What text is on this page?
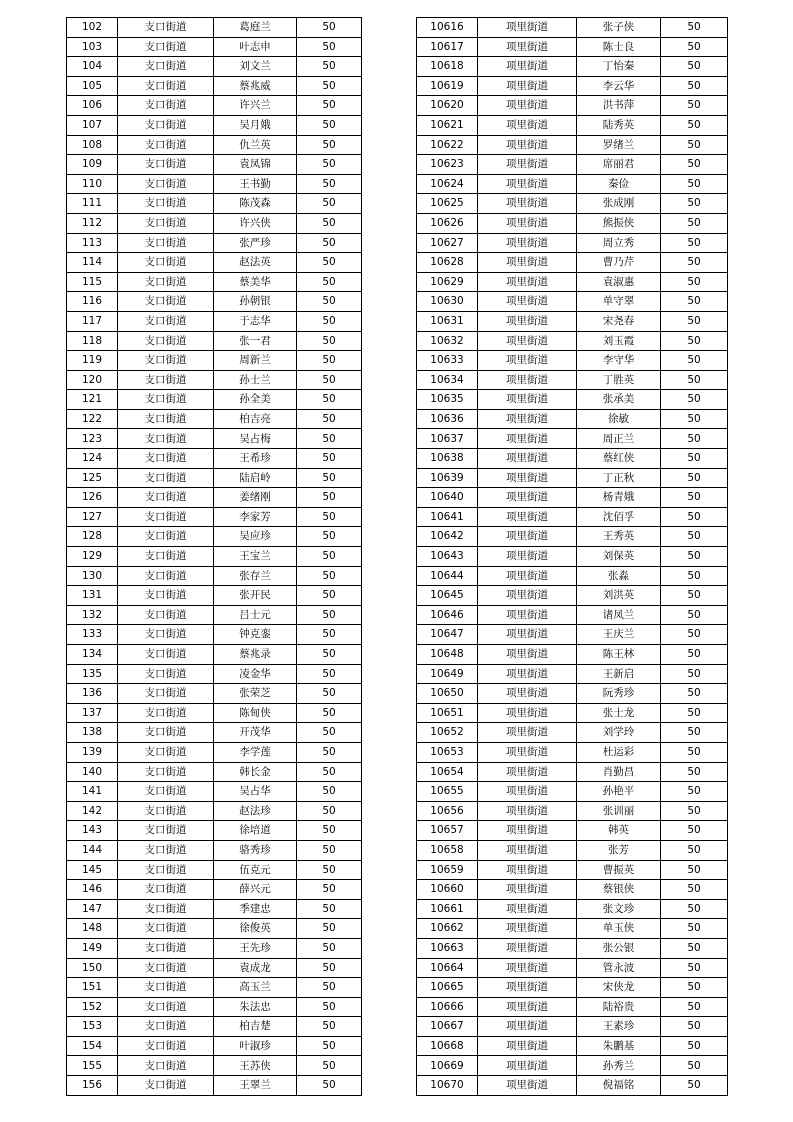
102	支口街道	葛庭兰	50
103	支口街道	叶志申	50
104	支口街道	刘文兰	50
105	支口街道	蔡兆威	50
106	支口街道	许兴兰	50
107	支口街道	吴月娥	50
108	支口街道	仇兰英	50
109	支口街道	袁凤锦	50
110	支口街道	王书勤	50
111	支口街道	陈茂森	50
112	支口街道	许兴侠	50
113	支口街道	张严珍	50
114	支口街道	赵法英	50
115	支口街道	蔡美华	50
116	支口街道	孙朝银	50
117	支口街道	于志华	50
118	支口街道	张一君	50
119	支口街道	周新兰	50
120	支口街道	孙士兰	50
121	支口街道	孙全美	50
122	支口街道	柏吉亮	50
123	支口街道	吴占梅	50
124	支口街道	王希珍	50
125	支口街道	陆启岭	50
126	支口街道	姜绪刚	50
127	支口街道	李家芳	50
128	支口街道	吴应珍	50
129	支口街道	王宝兰	50
130	支口街道	张存兰	50
131	支口街道	张开民	50
132	支口街道	吕士元	50
133	支口街道	钟克銮	50
134	支口街道	蔡兆录	50
135	支口街道	凌金华	50
136	支口街道	张荣芝	50
137	支口街道	陈甸侠	50
138	支口街道	开茂华	50
139	支口街道	李学莲	50
140	支口街道	韩长金	50
141	支口街道	吴占华	50
142	支口街道	赵法珍	50
143	支口街道	徐培道	50
144	支口街道	骆秀珍	50
145	支口街道	伍克元	50
146	支口街道	薛兴元	50
147	支口街道	季建忠	50
148	支口街道	徐俊英	50
149	支口街道	王先珍	50
150	支口街道	袁成龙	50
151	支口街道	高玉兰	50
152	支口街道	朱法忠	50
153	支口街道	柏吉楚	50
154	支口街道	叶淑珍	50
155	支口街道	王苏侠	50
156	支口街道	王翠兰	50
10616	项里街道	张子侠	50
10617	项里街道	陈士良	50
10618	项里街道	丁怡秦	50
10619	项里街道	李云华	50
10620	项里街道	洪书萍	50
10621	项里街道	陆秀英	50
10622	项里街道	罗绪兰	50
10623	项里街道	席丽君	50
10624	项里街道	秦俭	50
10625	项里街道	张成刚	50
10626	项里街道	熊振侠	50
10627	项里街道	周立秀	50
10628	项里街道	曹乃芹	50
10629	项里街道	袁淑惠	50
10630	项里街道	单守翠	50
10631	项里街道	宋尧春	50
10632	项里街道	刘玉霞	50
10633	项里街道	李守华	50
10634	项里街道	丁胜英	50
10635	项里街道	张承美	50
10636	项里街道	徐敏	50
10637	项里街道	周正兰	50
10638	项里街道	蔡红侠	50
10639	项里街道	丁正秋	50
10640	项里街道	杨青娥	50
10641	项里街道	沈佰孚	50
10642	项里街道	王秀英	50
10643	项里街道	刘保英	50
10644	项里街道	张淼	50
10645	项里街道	刘洪英	50
10646	项里街道	诸凤兰	50
10647	项里街道	王庆兰	50
10648	项里街道	陈王林	50
10649	项里街道	王新启	50
10650	项里街道	阮秀珍	50
10651	项里街道	张士龙	50
10652	项里街道	刘学玲	50
10653	项里街道	杜运彩	50
10654	项里街道	肖勤昌	50
10655	项里街道	孙艳平	50
10656	项里街道	张训丽	50
10657	项里街道	韩英	50
10658	项里街道	张芳	50
10659	项里街道	曹振英	50
10660	项里街道	蔡银侠	50
10661	项里街道	张文珍	50
10662	项里街道	单玉侠	50
10663	项里街道	张公银	50
10664	项里街道	管永波	50
10665	项里街道	宋侠龙	50
10666	项里街道	陆裕贵	50
10667	项里街道	王素珍	50
10668	项里街道	朱鹏基	50
10669	项里街道	孙秀兰	50
10670	项里街道	倪福铭	50
